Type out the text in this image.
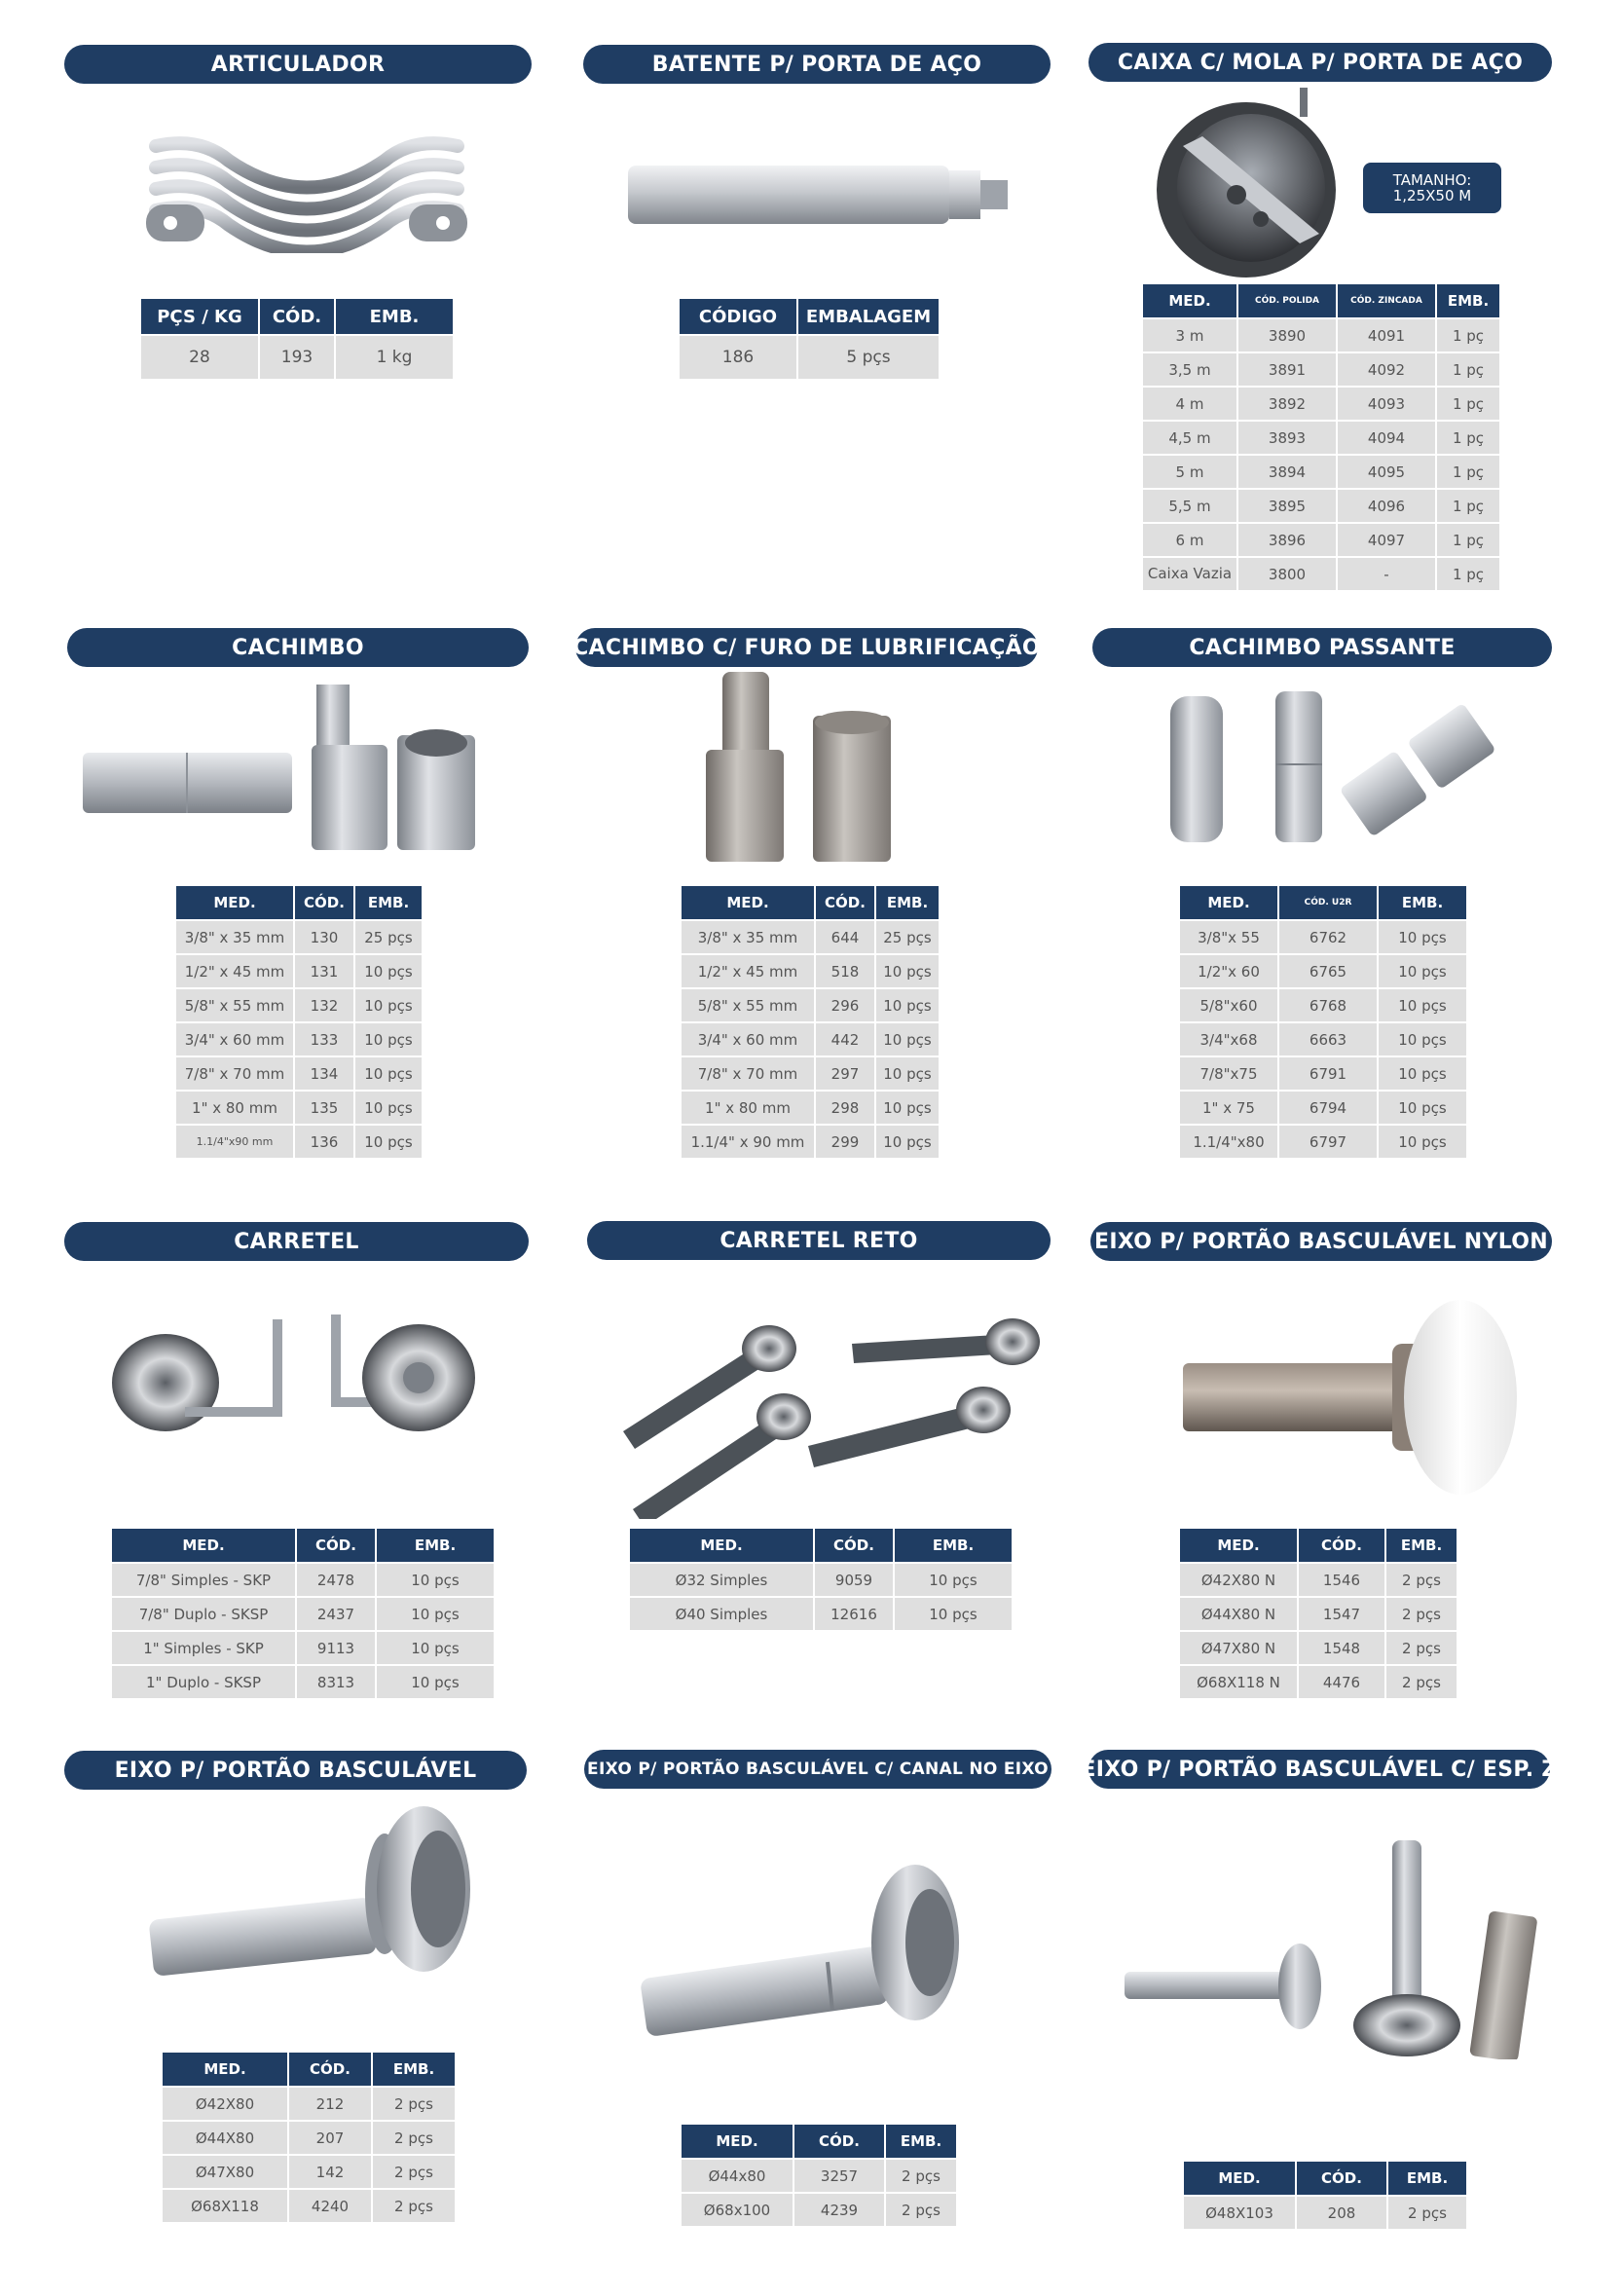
ARTICULADOR
PÇS / KG	CÓD.	EMB.
28	193	1 kg
BATENTE P/ PORTA DE AÇO
CÓDIGO	EMBALAGEM
186	5 pçs
CAIXA C/ MOLA P/ PORTA DE AÇO
TAMANHO:
1,25X50 M
MED.	CÓD. POLIDA	CÓD. ZINCADA	EMB.
3 m	3890	4091	1 pç
3,5 m	3891	4092	1 pç
4 m	3892	4093	1 pç
4,5 m	3893	4094	1 pç
5 m	3894	4095	1 pç
5,5 m	3895	4096	1 pç
6 m	3896	4097	1 pç
Caixa Vazia	3800	-	1 pç
CACHIMBO
MED.	CÓD.	EMB.
3/8" x 35 mm	130	25 pçs
1/2" x 45 mm	131	10 pçs
5/8" x 55 mm	132	10 pçs
3/4" x 60 mm	133	10 pçs
7/8" x 70 mm	134	10 pçs
1" x 80 mm	135	10 pçs
1.1/4"x90 mm	136	10 pçs
CACHIMBO C/ FURO DE LUBRIFICAÇÃO
MED.	CÓD.	EMB.
3/8" x 35 mm	644	25 pçs
1/2" x 45 mm	518	10 pçs
5/8" x 55 mm	296	10 pçs
3/4" x 60 mm	442	10 pçs
7/8" x 70 mm	297	10 pçs
1" x 80 mm	298	10 pçs
1.1/4" x 90 mm	299	10 pçs
CACHIMBO PASSANTE
MED.	CÓD. U2R	EMB.
3/8"x 55	6762	10 pçs
1/2"x 60	6765	10 pçs
5/8"x60	6768	10 pçs
3/4"x68	6663	10 pçs
7/8"x75	6791	10 pçs
1" x 75	6794	10 pçs
1.1/4"x80	6797	10 pçs
CARRETEL
MED.	CÓD.	EMB.
7/8" Simples - SKP	2478	10 pçs
7/8" Duplo - SKSP	2437	10 pçs
1" Simples - SKP	9113	10 pçs
1" Duplo - SKSP	8313	10 pçs
CARRETEL RETO
MED.	CÓD.	EMB.
Ø32 Simples	9059	10 pçs
Ø40 Simples	12616	10 pçs
EIXO P/ PORTÃO BASCULÁVEL NYLON
MED.	CÓD.	EMB.
Ø42X80 N	1546	2 pçs
Ø44X80 N	1547	2 pçs
Ø47X80 N	1548	2 pçs
Ø68X118 N	4476	2 pçs
EIXO P/ PORTÃO BASCULÁVEL
MED.	CÓD.	EMB.
Ø42X80	212	2 pçs
Ø44X80	207	2 pçs
Ø47X80	142	2 pçs
Ø68X118	4240	2 pçs
EIXO P/ PORTÃO BASCULÁVEL C/ CANAL NO EIXO
MED.	CÓD.	EMB.
Ø44x80	3257	2 pçs
Ø68x100	4239	2 pçs
EIXO P/ PORTÃO BASCULÁVEL C/ ESP. Z
MED.	CÓD.	EMB.
Ø48X103	208	2 pçs
